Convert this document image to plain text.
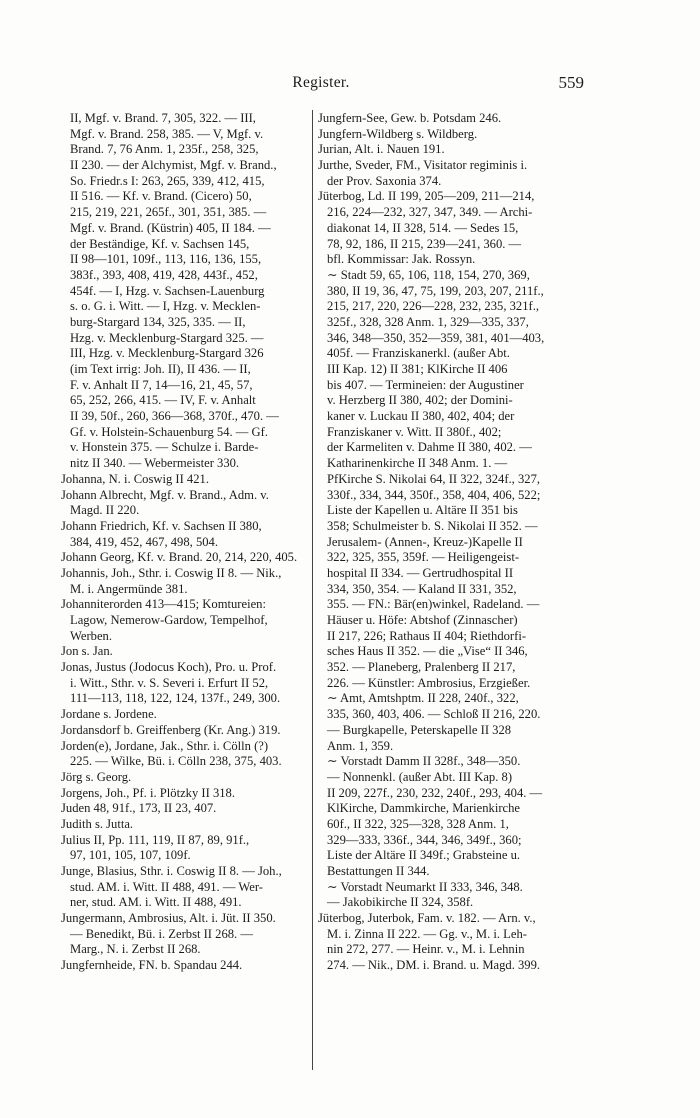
Register.	559
II, Mgf. v. Brand. 7, 305, 322. — III,
Mgf. v. Brand. 258, 385. — V, Mgf. v.
Brand. 7, 76 Anm. 1, 235f., 258, 325,
II 230. — der Alchymist, Mgf. v. Brand.,
So. Friedr.s I: 263, 265, 339, 412, 415,
II 516. — Kf. v. Brand. (Cicero) 50,
215, 219, 221, 265f., 301, 351, 385. —
Mgf. v. Brand. (Küstrin) 405, II 184. —
der Beständige, Kf. v. Sachsen 145,
II 98—101, 109f., 113, 116, 136, 155,
383f., 393, 408, 419, 428, 443f., 452,
454f. — I, Hzg. v. Sachsen-Lauenburg
s. o. G. i. Witt. — I, Hzg. v. Mecklen-
burg-Stargard 134, 325, 335. — II,
Hzg. v. Mecklenburg-Stargard 325. —
III, Hzg. v. Mecklenburg-Stargard 326
(im Text irrig: Joh. II), II 436. — II,
F. v. Anhalt II 7, 14—16, 21, 45, 57,
65, 252, 266, 415. — IV, F. v. Anhalt
II 39, 50f., 260, 366—368, 370f., 470. —
Gf. v. Holstein-Schauenburg 54. — Gf.
v. Honstein 375. — Schulze i. Barde-
nitz II 340. — Webermeister 330.
Johanna, N. i. Coswig II 421.
Johann Albrecht, Mgf. v. Brand., Adm. v.
Magd. II 220.
Johann Friedrich, Kf. v. Sachsen II 380,
384, 419, 452, 467, 498, 504.
Johann Georg, Kf. v. Brand. 20, 214, 220, 405.
Johannis, Joh., Sthr. i. Coswig II 8. — Nik.,
M. i. Angermünde 381.
Johanniterorden 413—415; Komtureien:
Lagow, Nemerow-Gardow, Tempelhof,
Werben.
Jon s. Jan.
Jonas, Justus (Jodocus Koch), Pro. u. Prof.
i. Witt., Sthr. v. S. Severi i. Erfurt II 52,
111—113, 118, 122, 124, 137f., 249, 300.
Jordane s. Jordene.
Jordansdorf b. Greiffenberg (Kr. Ang.) 319.
Jorden(e), Jordane, Jak., Sthr. i. Cölln (?)
225. — Wilke, Bü. i. Cölln 238, 375, 403.
Jörg s. Georg.
Jorgens, Joh., Pf. i. Plötzky II 318.
Juden 48, 91f., 173, II 23, 407.
Judith s. Jutta.
Julius II, Pp. 111, 119, II 87, 89, 91f.,
97, 101, 105, 107, 109f.
Junge, Blasius, Sthr. i. Coswig II 8. — Joh.,
stud. AM. i. Witt. II 488, 491. — Wer-
ner, stud. AM. i. Witt. II 488, 491.
Jungermann, Ambrosius, Alt. i. Jüt. II 350.
— Benedikt, Bü. i. Zerbst II 268. —
Marg., N. i. Zerbst II 268.
Jungfernheide, FN. b. Spandau 244.
Jungfern-See, Gew. b. Potsdam 246.
Jungfern-Wildberg s. Wildberg.
Jurian, Alt. i. Nauen 191.
Jurthe, Sveder, FM., Visitator regiminis i.
der Prov. Saxonia 374.
Jüterbog, Ld. II 199, 205—209, 211—214,
216, 224—232, 327, 347, 349. — Archi-
diakonat 14, II 328, 514. — Sedes 15,
78, 92, 186, II 215, 239—241, 360. —
bfl. Kommissar: Jak. Rossyn.
∼ Stadt 59, 65, 106, 118, 154, 270, 369,
380, II 19, 36, 47, 75, 199, 203, 207, 211f.,
215, 217, 220, 226—228, 232, 235, 321f.,
325f., 328, 328 Anm. 1, 329—335, 337,
346, 348—350, 352—359, 381, 401—403,
405f. — Franziskanerkl. (außer Abt.
III Kap. 12) II 381; KlKirche II 406
bis 407. — Termineien: der Augustiner
v. Herzberg II 380, 402; der Domini-
kaner v. Luckau II 380, 402, 404; der
Franziskaner v. Witt. II 380f., 402;
der Karmeliten v. Dahme II 380, 402. —
Katharinenkirche II 348 Anm. 1. —
PfKirche S. Nikolai 64, II 322, 324f., 327,
330f., 334, 344, 350f., 358, 404, 406, 522;
Liste der Kapellen u. Altäre II 351 bis
358; Schulmeister b. S. Nikolai II 352. —
Jerusalem- (Annen-, Kreuz-)Kapelle II
322, 325, 355, 359f. — Heiligengeist-
hospital II 334. — Gertrudhospital II
334, 350, 354. — Kaland II 331, 352,
355. — FN.: Bär(en)winkel, Radeland. —
Häuser u. Höfe: Abtshof (Zinnascher)
II 217, 226; Rathaus II 404; Riethdorfi-
sches Haus II 352. — die „Vise“ II 346,
352. — Planeberg, Pralenberg II 217,
226. — Künstler: Ambrosius, Erzgießer.
∼ Amt, Amtshptm. II 228, 240f., 322,
335, 360, 403, 406. — Schloß II 216, 220.
— Burgkapelle, Peterskapelle II 328
Anm. 1, 359.
∼ Vorstadt Damm II 328f., 348—350.
— Nonnenkl. (außer Abt. III Kap. 8)
II 209, 227f., 230, 232, 240f., 293, 404. —
KlKirche, Dammkirche, Marienkirche
60f., II 322, 325—328, 328 Anm. 1,
329—333, 336f., 344, 346, 349f., 360;
Liste der Altäre II 349f.; Grabsteine u.
Bestattungen II 344.
∼ Vorstadt Neumarkt II 333, 346, 348.
— Jakobikirche II 324, 358f.
Jüterbog, Juterbok, Fam. v. 182. — Arn. v.,
M. i. Zinna II 222. — Gg. v., M. i. Leh-
nin 272, 277. — Heinr. v., M. i. Lehnin
274. — Nik., DM. i. Brand. u. Magd. 399.
